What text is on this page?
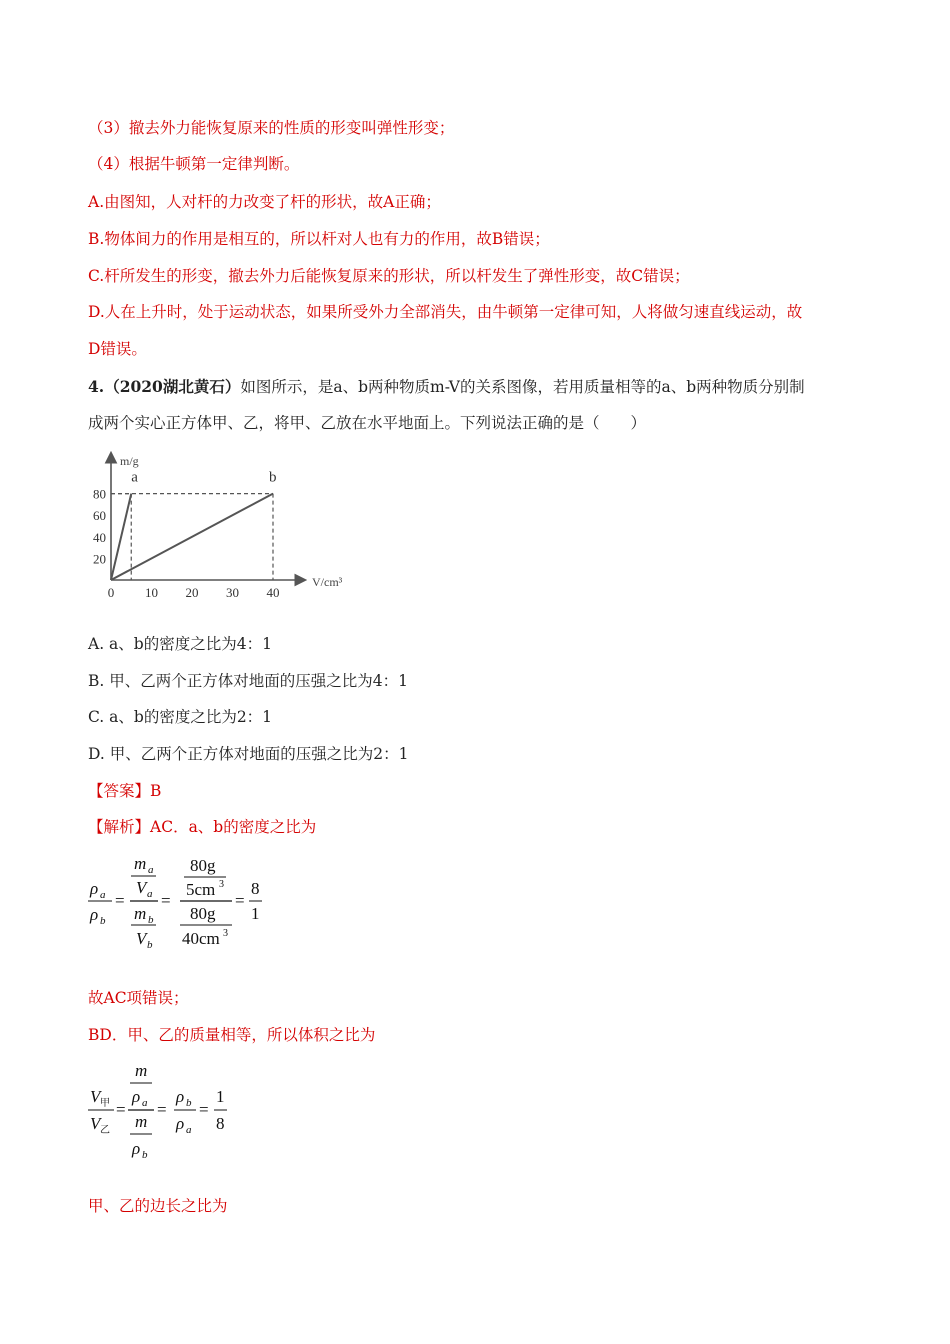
（3）撤去外力能恢复原来的性质的形变叫弹性形变；
（4）根据牛顿第一定律判断。
A.由图知，人对杆的力改变了杆的形状，故A正确；
B.物体间力的作用是相互的，所以杆对人也有力的作用，故B错误；
C.杆所发生的形变，撤去外力后能恢复原来的形状，所以杆发生了弹性形变，故C错误；
D.人在上升时，处于运动状态，如果所受外力全部消失，由牛顿第一定律可知，人将做匀速直线运动，故
D错误。
4.（2020湖北黄石）如图所示，是a、b两种物质m-V的关系图像，若用质量相等的a、b两种物质分别制
成两个实心正方体甲、乙，将甲、乙放在水平地面上。下列说法正确的是（　　）
m/g
V/cm³
0 10 20 30 40
20
40
60
80
a	b
A. a、b的密度之比为4：1
B. 甲、乙两个正方体对地面的压强之比为4：1
C. a、b的密度之比为2：1
D. 甲、乙两个正方体对地面的压强之比为2：1
【答案】B
【解析】AC．a、b的密度之比为
ρ a
ρ b
=
m a
V a
m b
V b
=
80g
5cm 3
80g
40cm 3
=
8
1
故AC项错误；
BD．甲、乙的质量相等，所以体积之比为
V 甲
V 乙
=
m
ρ a
m
ρ b
=
ρ b
ρ a
=
1
8
甲、乙的边长之比为
